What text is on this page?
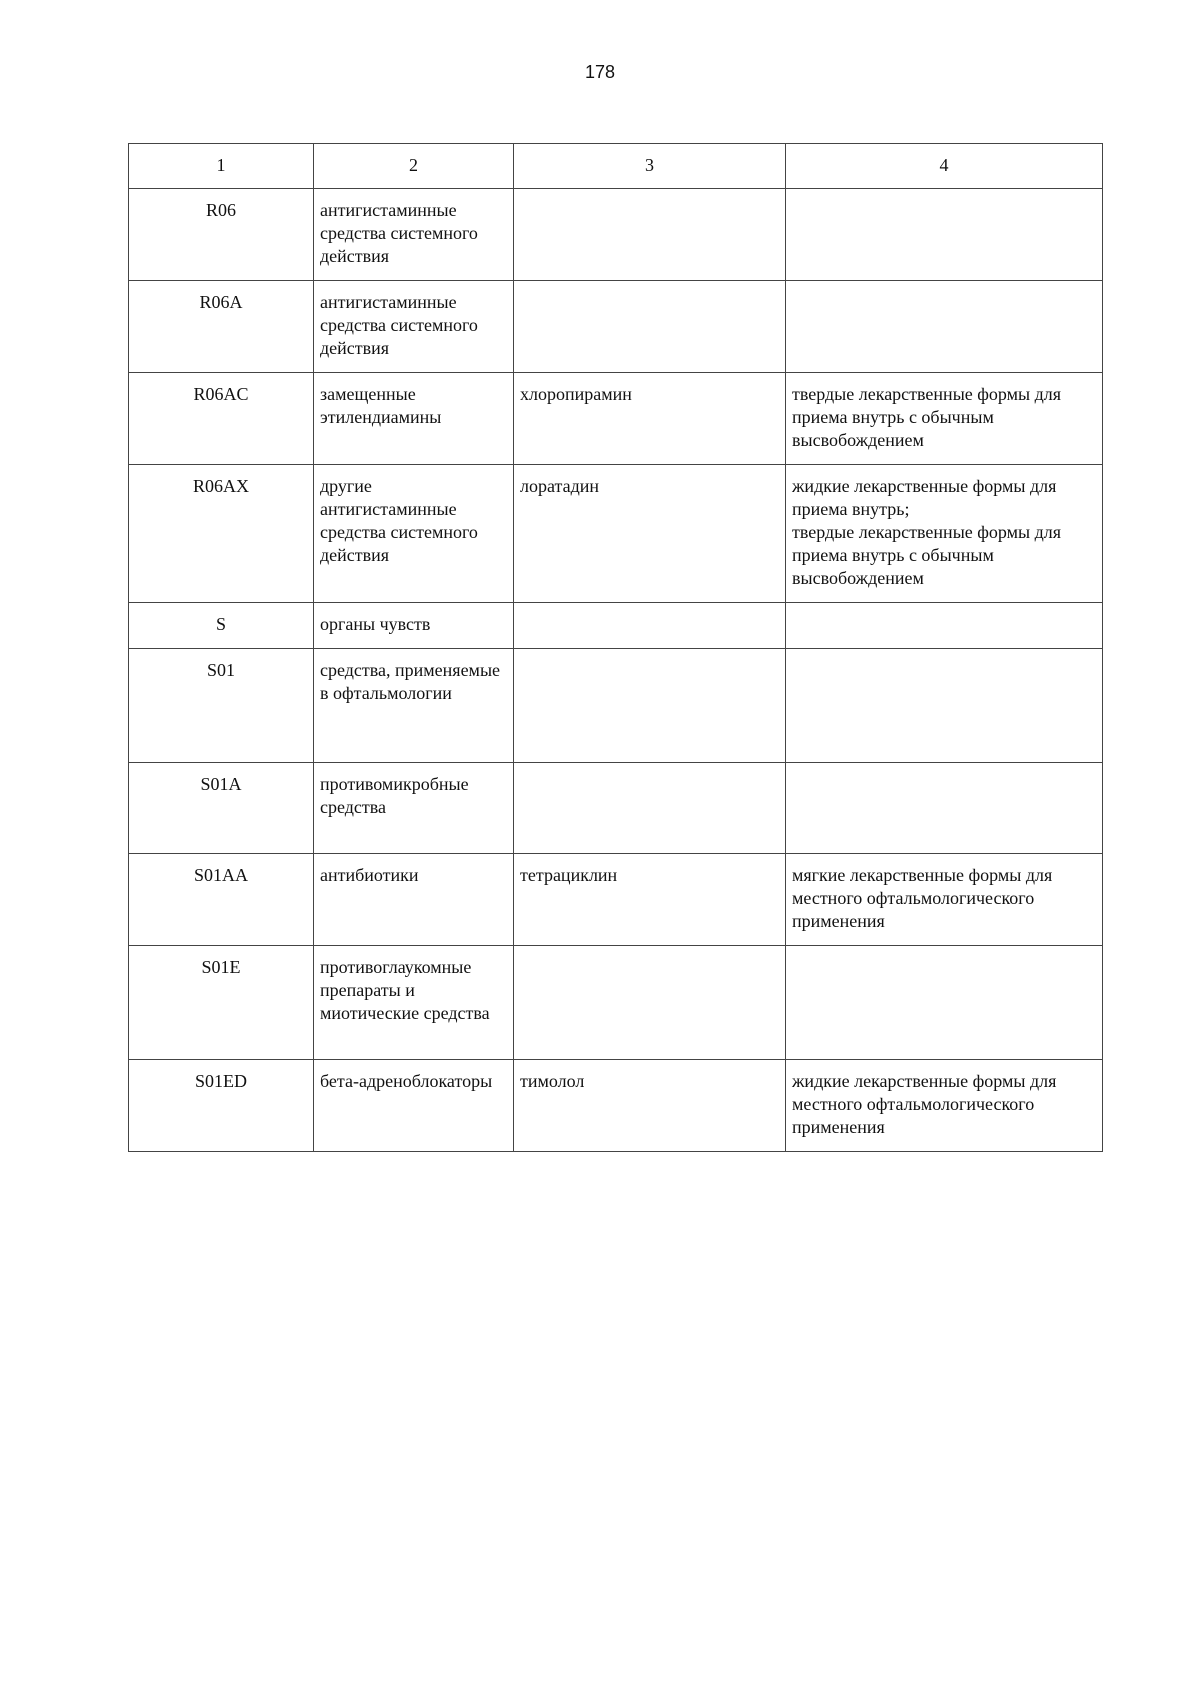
178
1	2	3	4
R06	антигистаминные средства системного действия		
R06A	антигистаминные средства системного действия		
R06AC	замещенные этилендиамины	хлоропирамин	твердые лекарственные формы для приема внутрь с обычным высвобождением
R06AX	другие антигистаминные средства системного действия	лоратадин	жидкие лекарственные формы для приема внутрь;
твердые лекарственные формы для приема внутрь с обычным высвобождением
S	органы чувств		
S01	средства, применяемые в офтальмологии		
S01A	противомикробные средства		
S01AA	антибиотики	тетрациклин	мягкие лекарственные формы для местного офтальмологического применения
S01E	противоглаукомные препараты и миотические средства		
S01ED	бета-адреноблокаторы	тимолол	жидкие лекарственные формы для местного офтальмологического применения
